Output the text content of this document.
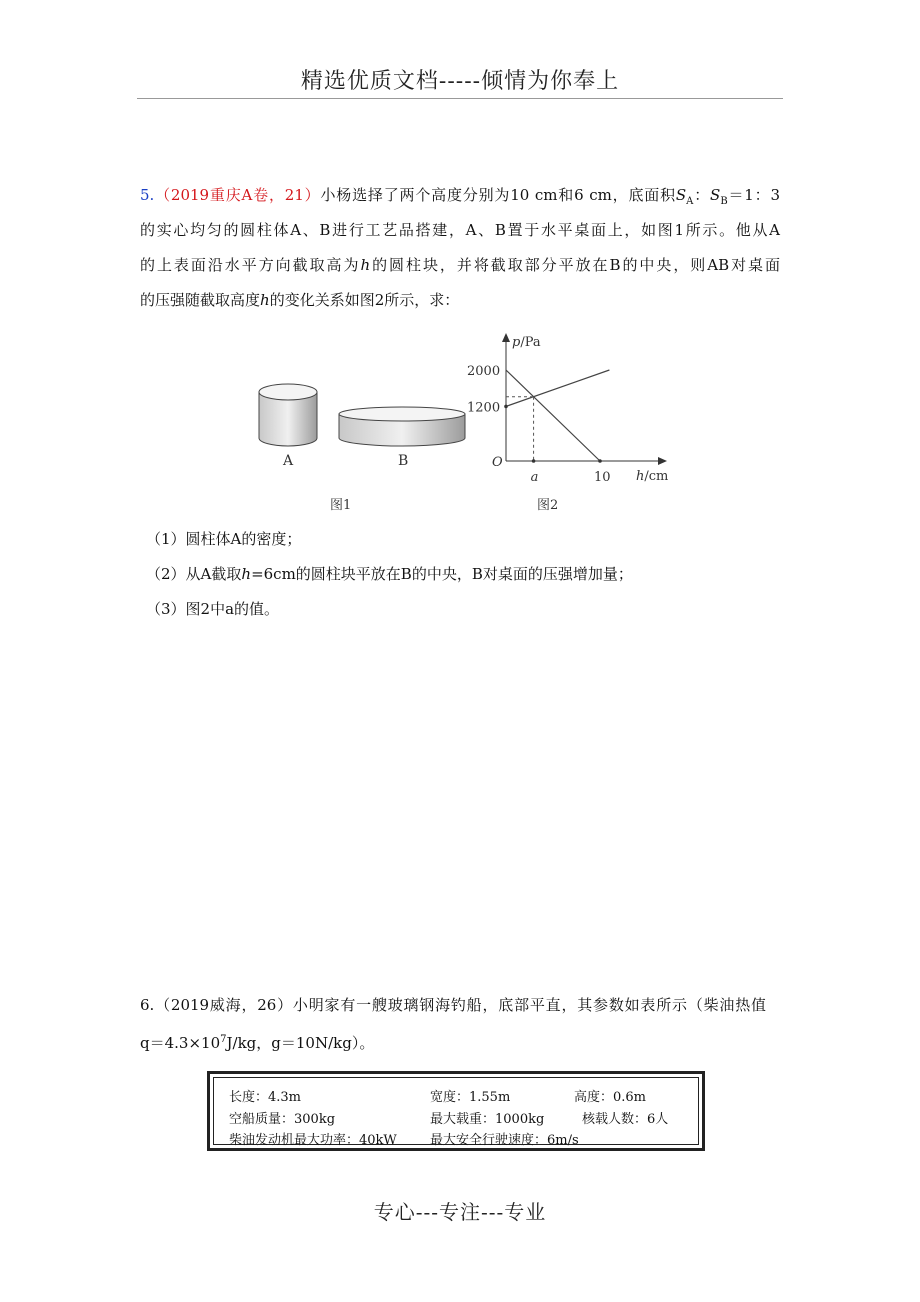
精选优质文档-----倾情为你奉上
5.（2019重庆A卷，21）小杨选择了两个高度分别为10 cm和6 cm，底面积$S_A$：$S_B=1$：3
的实心均匀的圆柱体A、B进行工艺品搭建，A、B置于水平桌面上，如图1所示。他从A
的上表面沿水平方向截取高为h的圆柱块，并将截取部分平放在B的中央，则AB对桌面
的压强随截取高度h的变化关系如图2所示，求：
A	B
图1
2000
1200
a	10
p/Pa
h/cm
O
图2
（1）圆柱体A的密度；
（2）从A截取h=6cm的圆柱块平放在B的中央，B对桌面的压强增加量；
（3）图2中a的值。
6.（2019威海，26）小明家有一艘玻璃钢海钓船，底部平直，其参数如表所示（柴油热值
$q=4.3\times 10^7J/kg$，g＝10N/kg）。
长度：4.3m	宽度：1.55m	高度：0.6m
空船质量：300kg	最大载重：1000kg	核载人数：6人
柴油发动机最大功率：40kW	最大安全行驶速度：6m/s
专心---专注---专业
